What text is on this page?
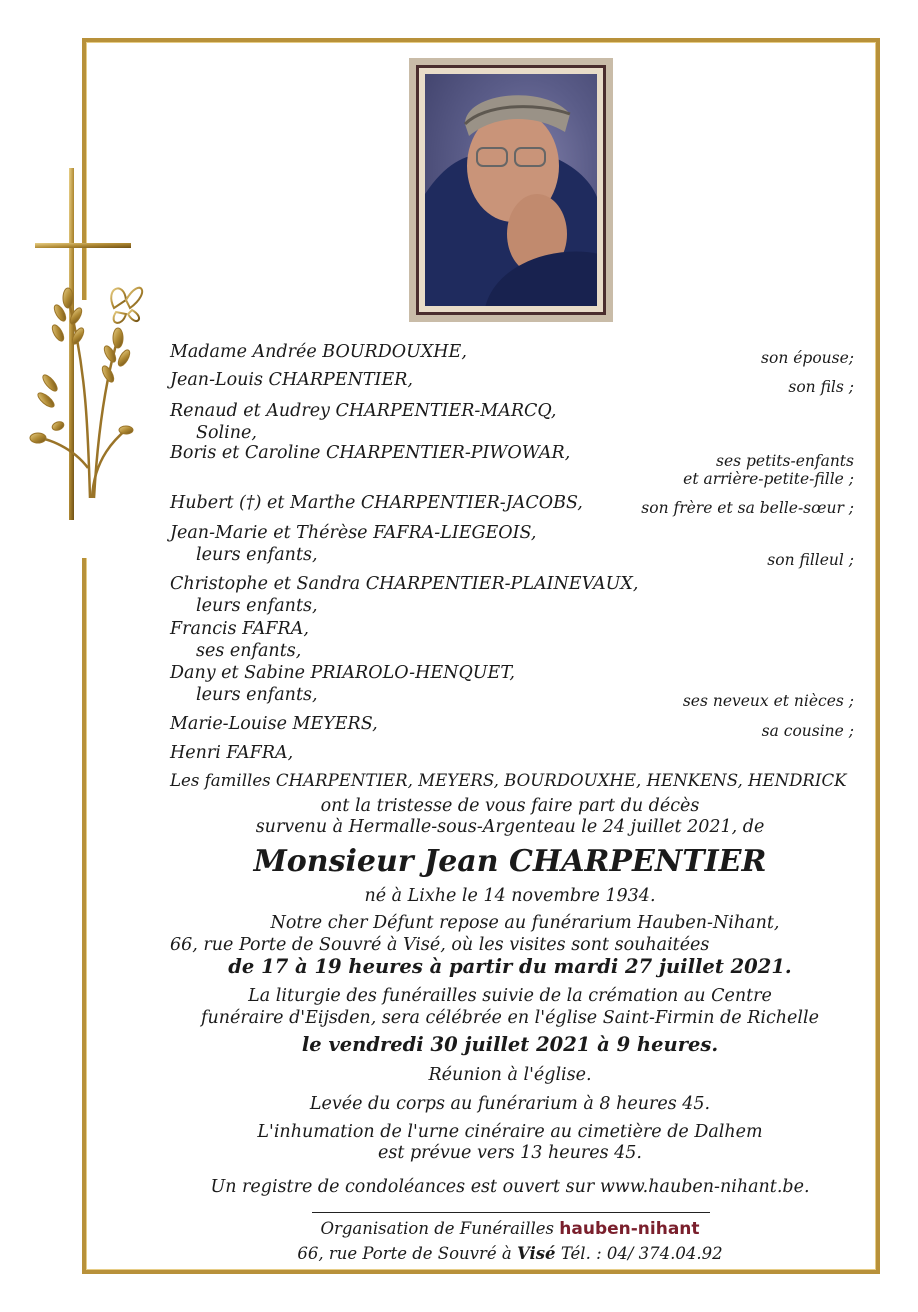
Madame Andrée BOURDOUXHE,
Jean-Louis CHARPENTIER,
Renaud et Audrey CHARPENTIER-MARCQ,
Soline,
Boris et Caroline CHARPENTIER-PIWOWAR,
Hubert (†) et Marthe CHARPENTIER-JACOBS,
Jean-Marie et Thérèse FAFRA-LIEGEOIS,
leurs enfants,
Christophe et Sandra CHARPENTIER-PLAINEVAUX,
leurs enfants,
Francis FAFRA,
ses enfants,
Dany et Sabine PRIAROLO-HENQUET,
leurs enfants,
Marie-Louise MEYERS,
Henri FAFRA,
Les familles CHARPENTIER, MEYERS, BOURDOUXHE, HENKENS, HENDRICK
son épouse;
son fils ;
ses petits-enfants
et arrière-petite-fille ;
son frère et sa belle-sœur ;
son filleul ;
ses neveux et nièces ;
sa cousine ;
ont la tristesse de vous faire part du décès
survenu à Hermalle-sous-Argenteau le 24 juillet 2021, de
Monsieur Jean CHARPENTIER
né à Lixhe le 14 novembre 1934.
Notre cher Défunt repose au funérarium Hauben-Nihant,
66, rue Porte de Souvré à Visé, où les visites sont souhaitées
de 17 à 19 heures à partir du mardi 27 juillet 2021.
La liturgie des funérailles suivie de la crémation au Centre
funéraire d'Eijsden, sera célébrée en l'église Saint-Firmin de Richelle
le vendredi 30 juillet 2021 à 9 heures.
Réunion à l'église.
Levée du corps au funérarium à 8 heures 45.
L'inhumation de l'urne cinéraire au cimetière de Dalhem
est prévue vers 13 heures 45.
Un registre de condoléances est ouvert sur www.hauben-nihant.be.
Organisation de Funérailles hauben-nihant
66, rue Porte de Souvré à Visé Tél. : 04/ 374.04.92
